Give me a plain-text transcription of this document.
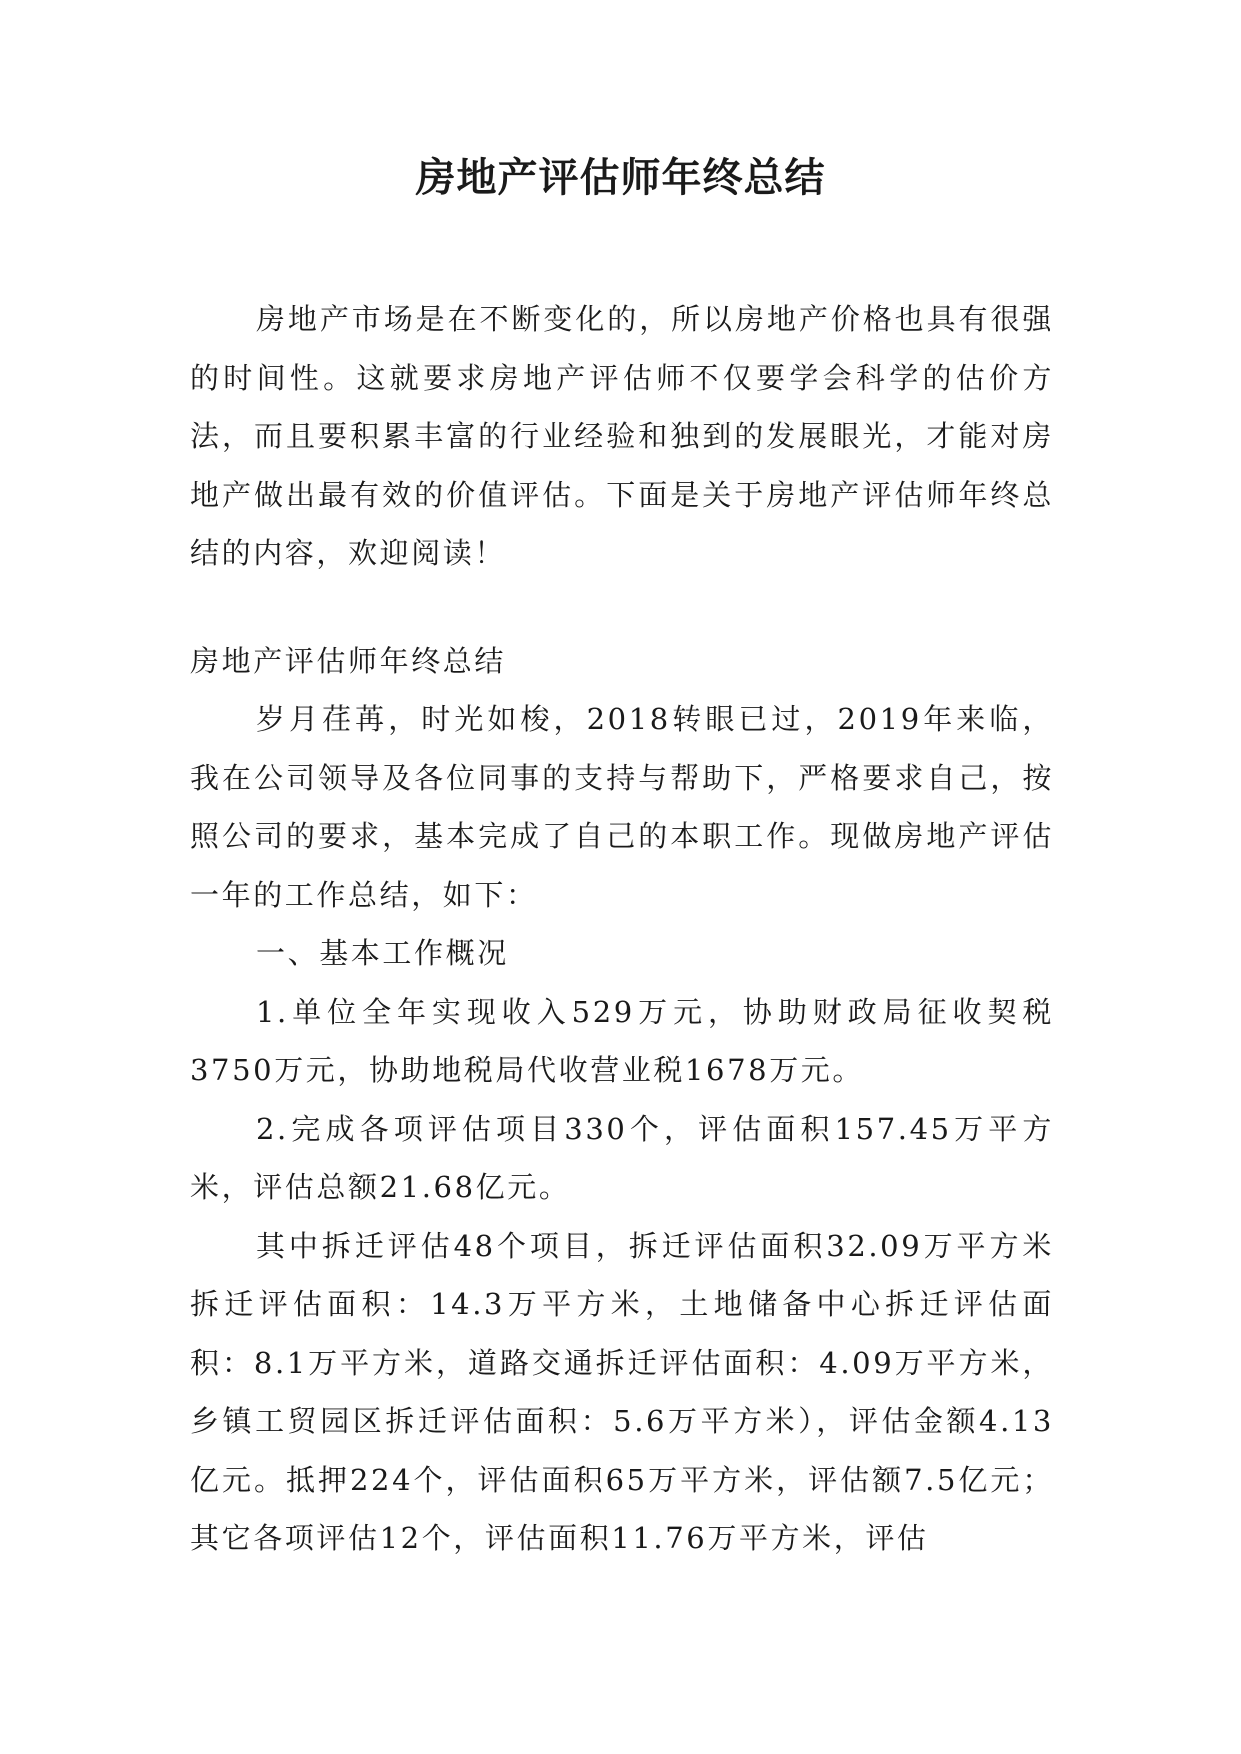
房地产评估师年终总结

房地产市场是在不断变化的，所以房地产价格也具有很强的时间性。这就要求房地产评估师不仅要学会科学的估价方法，而且要积累丰富的行业经验和独到的发展眼光，才能对房地产做出最有效的价值评估。下面是关于房地产评估师年终总结的内容，欢迎阅读！

房地产评估师年终总结

岁月荏苒，时光如梭，2018转眼已过，2019年来临，我在公司领导及各位同事的支持与帮助下，严格要求自己，按照公司的要求，基本完成了自己的本职工作。现做房地产评估一年的工作总结，如下：

一、基本工作概况

1.单位全年实现收入529万元，协助财政局征收契税3750万元，协助地税局代收营业税1678万元。

2.完成各项评估项目330个，评估面积157.45万平方米，评估总额21.68亿元。

其中拆迁评估48个项目，拆迁评估面积32.09万平方米拆迁评估面积：14.3万平方米，土地储备中心拆迁评估面积：8.1万平方米，道路交通拆迁评估面积：4.09万平方米，乡镇工贸园区拆迁评估面积：5.6万平方米），评估金额4.13亿元。抵押224个，评估面积65万平方米，评估额7.5亿元；其它各项评估12个，评估面积11.76万平方米，评估
